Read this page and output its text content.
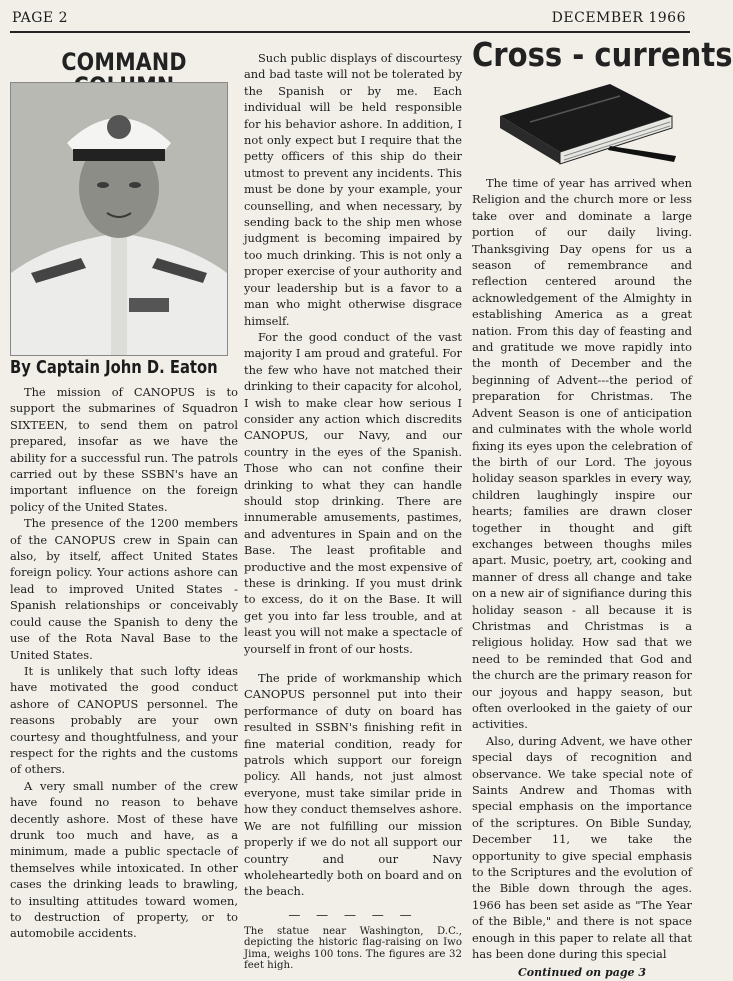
PAGE 2	DECEMBER 1966
COMMAND
By Captain John D. Eaton

The mission of CANOPUS is to support the submarines of Squadron SIXTEEN, to send them on patrol prepared, insofar as we have the ability for a successful run. The patrols carried out by these SSBN's have an important influence on the foreign policy of the United States.

The presence of the 1200 members of the CANOPUS crew in Spain can also, by itself, affect United States foreign policy. Your actions ashore can lead to improved United States - Spanish relationships or conceivably could cause the Spanish to deny the use of the Rota Naval Base to the United States.

It is unlikely that such lofty ideas have motivated the good conduct ashore of CANOPUS personnel. The reasons probably are your own courtesy and thoughtfulness, and your respect for the rights and the customs of others.

A very small number of the crew have found no reason to behave decently ashore. Most of these have drunk too much and have, as a minimum, made a public spectacle of themselves while intoxicated. In other cases the drinking leads to brawling, to insulting attitudes toward women, to destruction of property, or to automobile accidents.

Such public displays of discourtesy and bad taste will not be tolerated by the Spanish or by me. Each individual will be held responsible for his behavior ashore. In addition, I not only expect but I require that the petty officers of this ship do their utmost to prevent any incidents. This must be done by your example, your counselling, and when necessary, by sending back to the ship men whose judgment is becoming impaired by too much drinking. This is not only a proper exercise of your authority and your leadership but is a favor to a man who might otherwise disgrace himself.

For the good conduct of the vast majority I am proud and grateful. For the few who have not matched their drinking to their capacity for alcohol, I wish to make clear how serious I consider any action which discredits CANOPUS, our Navy, and our country in the eyes of the Spanish. Those who can not confine their drinking to what they can handle should stop drinking. There are innumerable amusements, pastimes, and adventures in Spain and on the Base. The least profitable and productive and the most expensive of these is drinking. If you must drink to excess, do it on the Base. It will get you into far less trouble, and at least you will not make a spectacle of yourself in front of our hosts.

The pride of workmanship which CANOPUS personnel put into their performance of duty on board has resulted in SSBN's finishing refit in fine material condition, ready for patrols which support our foreign policy. All hands, not just almost everyone, must take similar pride in how they conduct themselves ashore. We are not fulfilling our mission properly if we do not all support our country and our Navy wholeheartedly both on board and on the beach.

— — — — —
The statue near Washington, D.C., depicting the historic flag-raising on Iwo Jima, weighs 100 tons. The figures are 32 feet high.
Cross - currents

The time of year has arrived when Religion and the church more or less take over and dominate a large portion of our daily living. Thanksgiving Day opens for us a season of remembrance and reflection centered around the acknowledgement of the Almighty in establishing America as a great nation. From this day of feasting and and gratitude we move rapidly into the month of December and the beginning of Advent---the period of preparation for Christmas. The Advent Season is one of anticipation and culminates with the whole world fixing its eyes upon the celebration of the birth of our Lord. The joyous holiday season sparkles in every way, children laughingly inspire our hearts; families are drawn closer together in thought and gift exchanges between thoughs miles apart. Music, poetry, art, cooking and manner of dress all change and take on a new air of signifiance during this holiday season - all because it is Christmas and Christmas is a religious holiday. How sad that we need to be reminded that God and the church are the primary reason for our joyous and happy season, but often overlooked in the gaiety of our activities.

Also, during Advent, we have other special days of recognition and observance. We take special note of Saints Andrew and Thomas with special emphasis on the importance of the scriptures. On Bible Sunday, December 11, we take the opportunity to give special emphasis to the Scriptures and the evolution of the Bible down through the ages. 1966 has been set aside as "The Year of the Bible," and there is not space enough in this paper to relate all that has been done during this special

Continued on page 3
